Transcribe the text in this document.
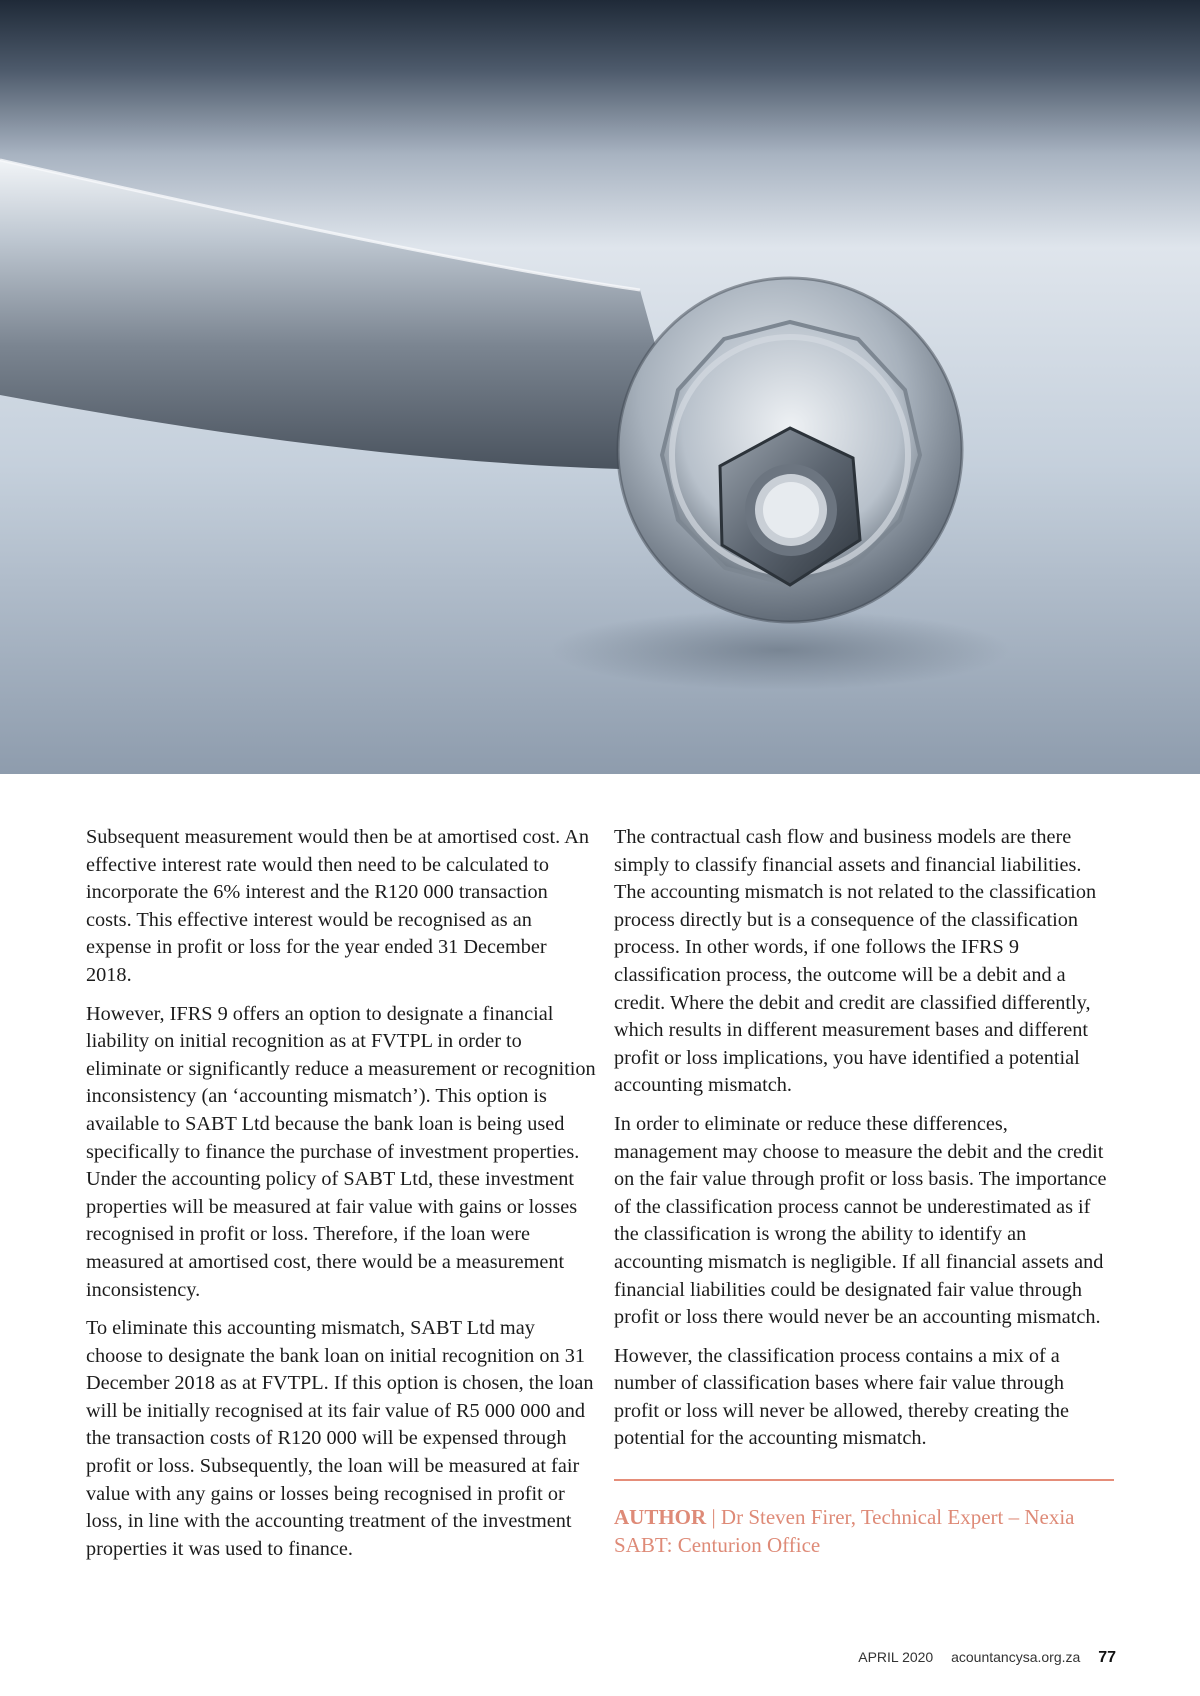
Subsequent measurement would then be at amortised cost. An effective interest rate would then need to be calculated to incorporate the 6% interest and the R120 000 transaction costs. This effective interest would be recognised as an expense in profit or loss for the year ended 31 December 2018.

However, IFRS 9 offers an option to designate a financial liability on initial recognition as at FVTPL in order to eliminate or significantly reduce a measurement or recognition inconsistency (an ‘accounting mismatch’). This option is available to SABT Ltd because the bank loan is being used specifically to finance the purchase of investment properties. Under the accounting policy of SABT Ltd, these investment properties will be measured at fair value with gains or losses recognised in profit or loss. Therefore, if the loan were measured at amortised cost, there would be a measurement inconsistency.

To eliminate this accounting mismatch, SABT Ltd may choose to designate the bank loan on initial recognition on 31 December 2018 as at FVTPL. If this option is chosen, the loan will be initially recognised at its fair value of R5 000 000 and the transaction costs of R120 000 will be expensed through profit or loss. Subsequently, the loan will be measured at fair value with any gains or losses being recognised in profit or loss, in line with the accounting treatment of the investment properties it was used to finance.

The contractual cash flow and business models are there simply to classify financial assets and financial liabilities. The accounting mismatch is not related to the classification process directly but is a consequence of the classification process. In other words, if one follows the IFRS 9 classification process, the outcome will be a debit and a credit. Where the debit and credit are classified differently, which results in different measurement bases and different profit or loss implications, you have identified a potential accounting mismatch.

In order to eliminate or reduce these differences, management may choose to measure the debit and the credit on the fair value through profit or loss basis. The importance of the classification process cannot be underestimated as if the classification is wrong the ability to identify an accounting mismatch is negligible. If all financial assets and financial liabilities could be designated fair value through profit or loss there would never be an accounting mismatch.

However, the classification process contains a mix of a number of classification bases where fair value through profit or loss will never be allowed, thereby creating the potential for the accounting mismatch.

AUTHOR | Dr Steven Firer, Technical Expert – Nexia SABT: Centurion Office
APRIL 2020 acountancysa.org.za 77
